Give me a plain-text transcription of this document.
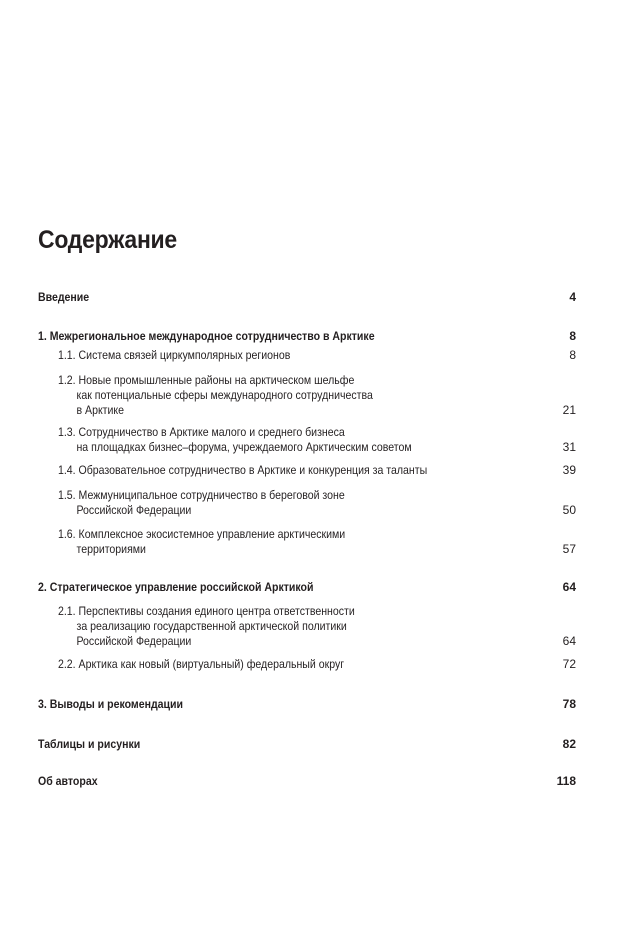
Содержание
Введение	4
1. Межрегиональное международное сотрудничество в Арктике	8
1.1. Система связей циркумполярных регионов	8
1.2. Новые промышленные районы на арктическом шельфе
как потенциальные сферы международного сотрудничества
в Арктике	21
1.3. Сотрудничество в Арктике малого и среднего бизнеса
на площадках бизнес–форума, учреждаемого Арктическим советом	31
1.4. Образовательное сотрудничество в Арктике и конкуренция за таланты	39
1.5. Межмуниципальное сотрудничество в береговой зоне
Российской Федерации	50
1.6. Комплексное экосистемное управление арктическими
территориями	57
2. Стратегическое управление российской Арктикой	64
2.1. Перспективы создания единого центра ответственности
за реализацию государственной арктической политики
Российской Федерации	64
2.2. Арктика как новый (виртуальный) федеральный округ	72
3. Выводы и рекомендации	78
Таблицы и рисунки	82
Об авторах	118
